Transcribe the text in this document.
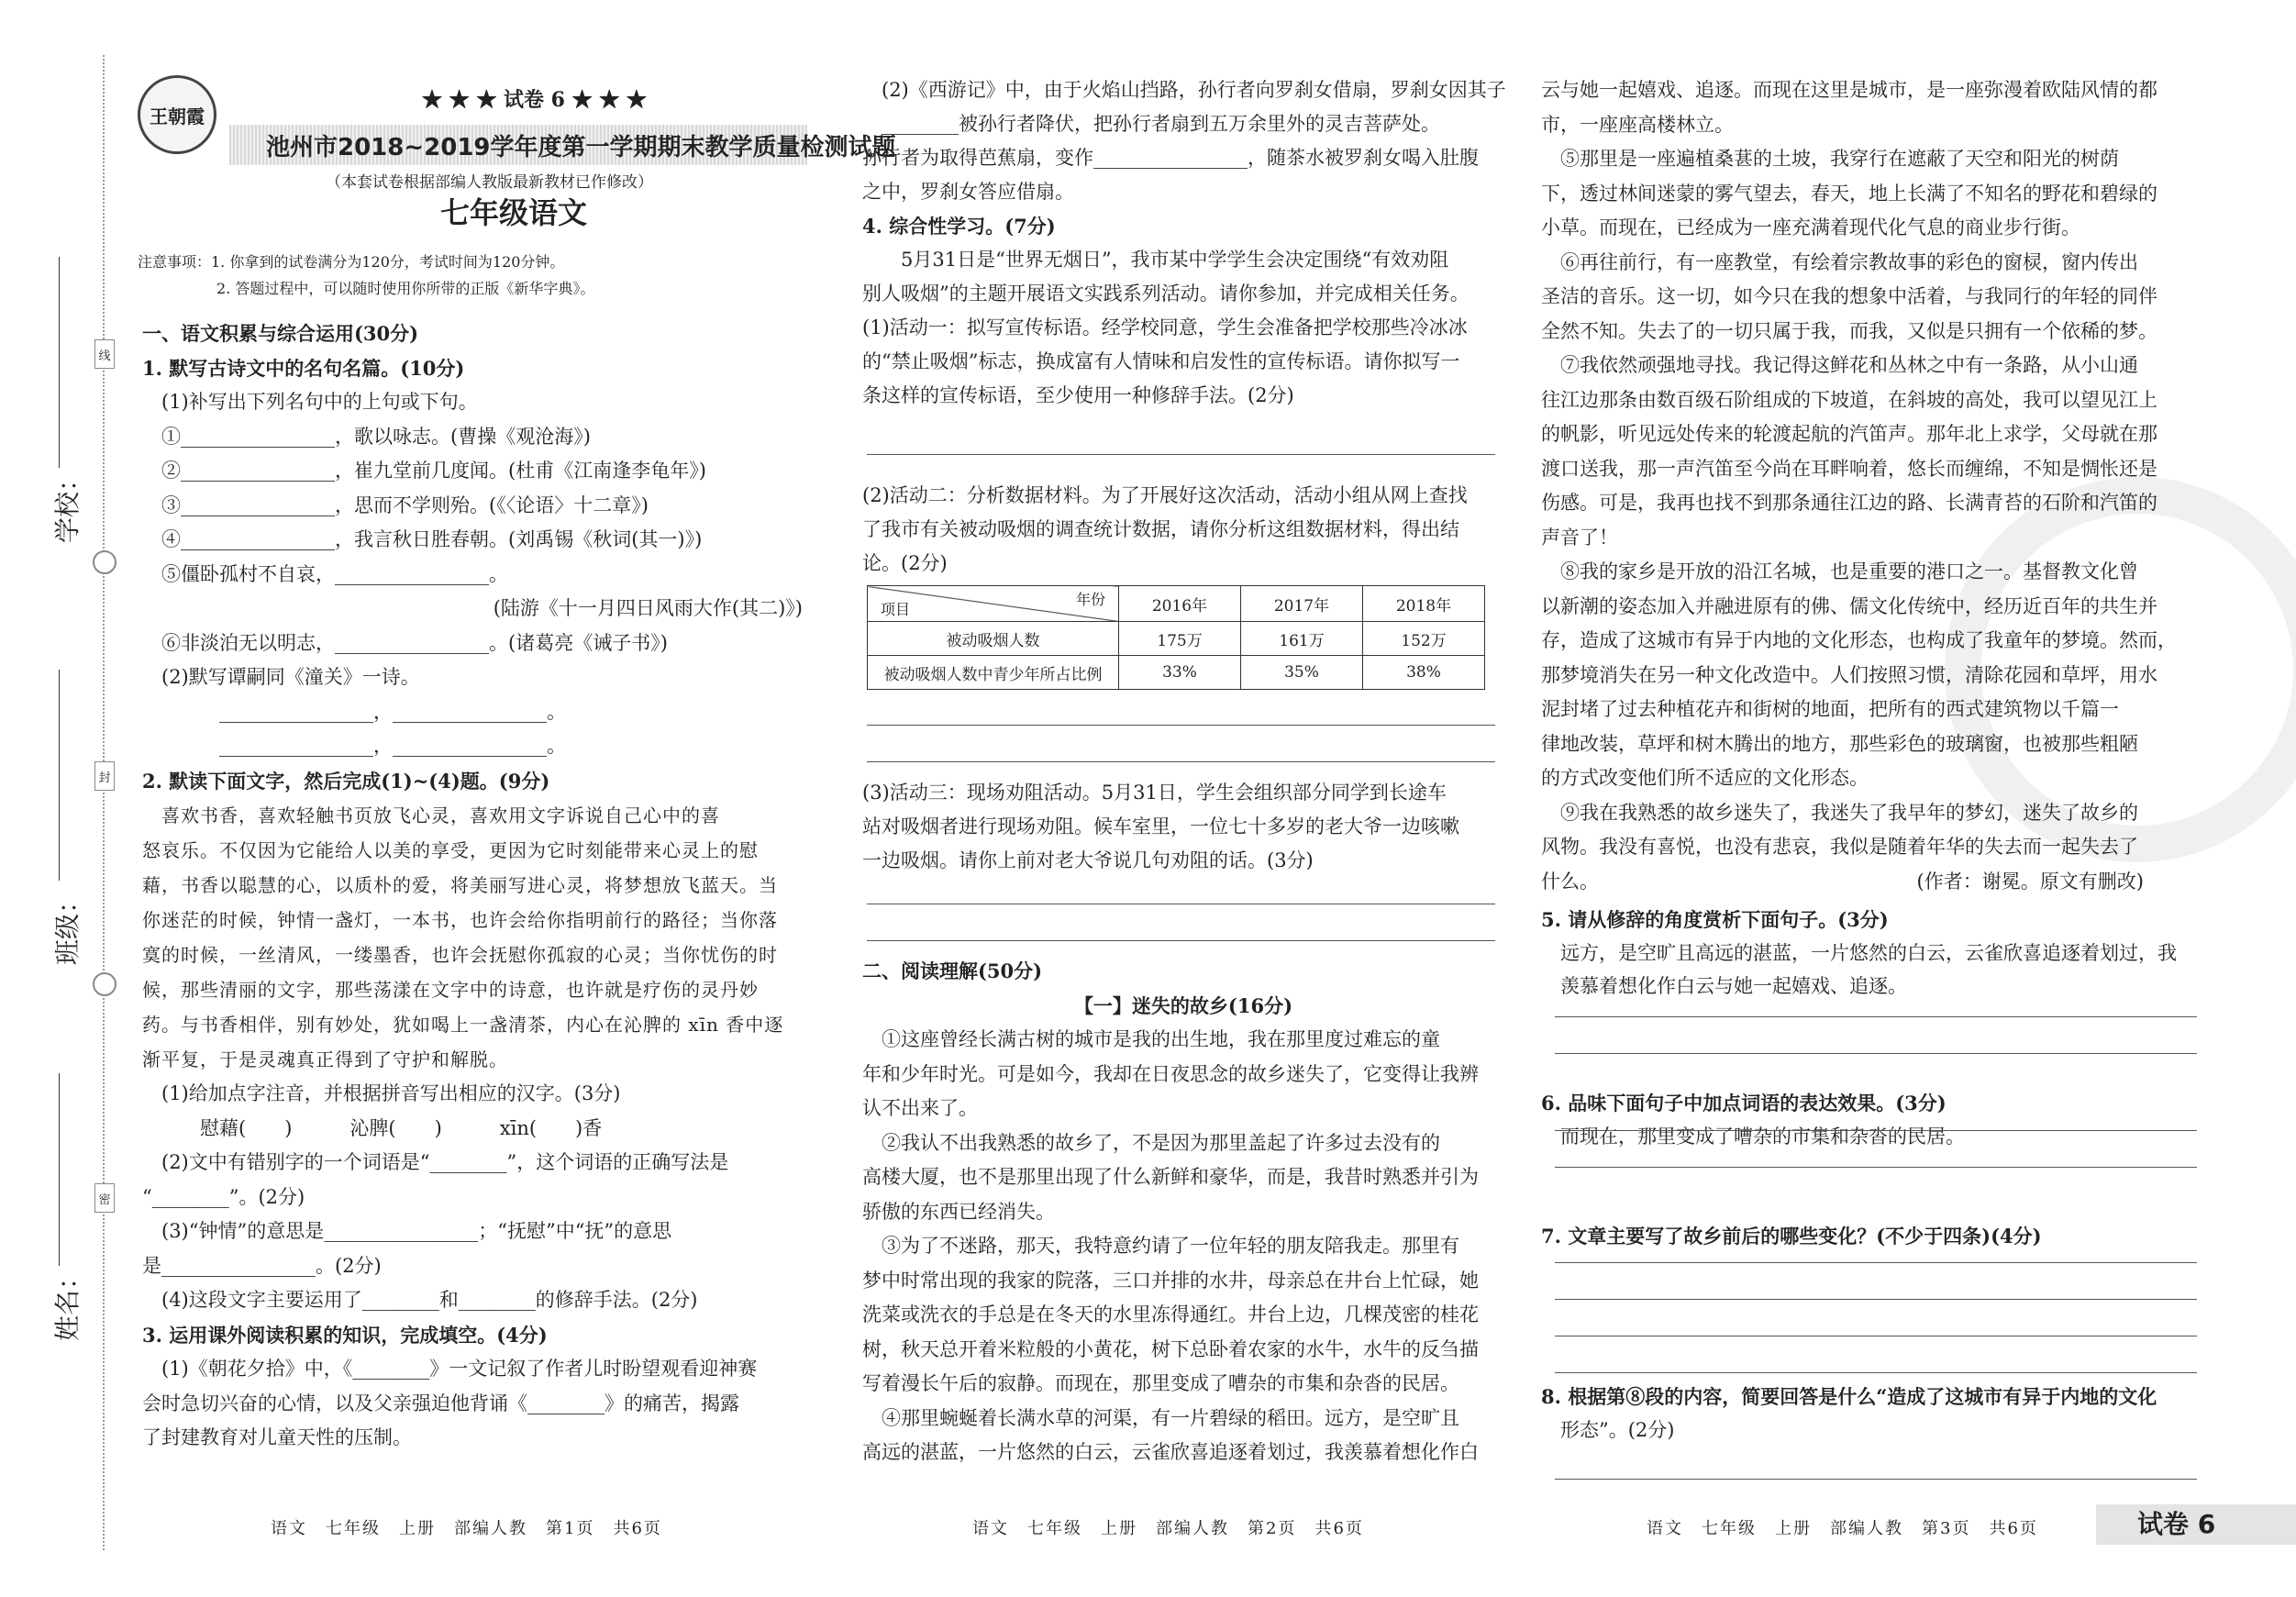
线
封
密
学校：
班级：
姓名：
王朝霞
★ ★ ★ 试卷 6 ★ ★ ★
池州市2018~2019学年度第一学期期末教学质量检测试题
（本套试卷根据部编人教版最新教材已作修改）
七年级语文
注意事项：1. 你拿到的试卷满分为120分，考试时间为120分钟。
2. 答题过程中，可以随时使用你所带的正版《新华字典》。
一、语文积累与综合运用(30分)
1. 默写古诗文中的名句名篇。(10分)
(1)补写出下列名句中的上句或下句。
①________________，歌以咏志。(曹操《观沧海》)
②________________，崔九堂前几度闻。(杜甫《江南逢李龟年》)
③________________，思而不学则殆。(《〈论语〉十二章》)
④________________，我言秋日胜春朝。(刘禹锡《秋词(其一)》)
⑤僵卧孤村不自哀，________________。
(陆游《十一月四日风雨大作(其二)》)
⑥非淡泊无以明志，________________。(诸葛亮《诫子书》)
(2)默写谭嗣同《潼关》一诗。
________________，________________。
________________，________________。
2. 默读下面文字，然后完成(1)~(4)题。(9分)
喜欢书香，喜欢轻触书页放飞心灵，喜欢用文字诉说自己心中的喜
怒哀乐。不仅因为它能给人以美的享受，更因为它时刻能带来心灵上的慰
藉，书香以聪慧的心，以质朴的爱，将美丽写进心灵，将梦想放飞蓝天。当
你迷茫的时候，钟情一盏灯，一本书，也许会给你指明前行的路径；当你落
寞的时候，一丝清风，一缕墨香，也许会抚慰你孤寂的心灵；当你忧伤的时
候，那些清丽的文字，那些荡漾在文字中的诗意，也许就是疗伤的灵丹妙
药。与书香相伴，别有妙处，犹如喝上一盏清茶，内心在沁脾的 xīn 香中逐
渐平复，于是灵魂真正得到了守护和解脱。
(1)给加点字注音，并根据拼音写出相应的汉字。(3分)
慰藉(　　)　　　沁脾(　　)　　　xīn(　　)香
(2)文中有错别字的一个词语是“________”，这个词语的正确写法是
“________”。(2分)
(3)“钟情”的意思是________________；“抚慰”中“抚”的意思
是________________。(2分)
(4)这段文字主要运用了________和________的修辞手法。(2分)
3. 运用课外阅读积累的知识，完成填空。(4分)
(1)《朝花夕拾》中，《________》一文记叙了作者儿时盼望观看迎神赛
会时急切兴奋的心情，以及父亲强迫他背诵《________》的痛苦，揭露
了封建教育对儿童天性的压制。
(2)《西游记》中，由于火焰山挡路，孙行者向罗刹女借扇，罗刹女因其子
________被孙行者降伏，把孙行者扇到五万余里外的灵吉菩萨处。
孙行者为取得芭蕉扇，变作________________，随茶水被罗刹女喝入肚腹
之中，罗刹女答应借扇。
4. 综合性学习。(7分)
5月31日是“世界无烟日”，我市某中学学生会决定围绕“有效劝阻
别人吸烟”的主题开展语文实践系列活动。请你参加，并完成相关任务。
(1)活动一：拟写宣传标语。经学校同意，学生会准备把学校那些冷冰冰
的“禁止吸烟”标志，换成富有人情味和启发性的宣传标语。请你拟写一
条这样的宣传标语，至少使用一种修辞手法。(2分)
(2)活动二：分析数据材料。为了开展好这次活动，活动小组从网上查找
了我市有关被动吸烟的调查统计数据，请你分析这组数据材料，得出结
论。(2分)
(3)活动三：现场劝阻活动。5月31日，学生会组织部分同学到长途车
站对吸烟者进行现场劝阻。候车室里，一位七十多岁的老大爷一边咳嗽
一边吸烟。请你上前对老大爷说几句劝阻的话。(3分)
二、阅读理解(50分)
【一】迷失的故乡(16分)
①这座曾经长满古树的城市是我的出生地，我在那里度过难忘的童
年和少年时光。可是如今，我却在日夜思念的故乡迷失了，它变得让我辨
认不出来了。
②我认不出我熟悉的故乡了，不是因为那里盖起了许多过去没有的
高楼大厦，也不是那里出现了什么新鲜和豪华，而是，我昔时熟悉并引为
骄傲的东西已经消失。
③为了不迷路，那天，我特意约请了一位年轻的朋友陪我走。那里有
梦中时常出现的我家的院落，三口并排的水井，母亲总在井台上忙碌，她
洗菜或洗衣的手总是在冬天的水里冻得通红。井台上边，几棵茂密的桂花
树，秋天总开着米粒般的小黄花，树下总卧着农家的水牛，水牛的反刍描
写着漫长午后的寂静。而现在，那里变成了嘈杂的市集和杂沓的民居。
④那里蜿蜒着长满水草的河渠，有一片碧绿的稻田。远方，是空旷且
高远的湛蓝，一片悠然的白云，云雀欣喜追逐着划过，我羡慕着想化作白
云与她一起嬉戏、追逐。而现在这里是城市，是一座弥漫着欧陆风情的都
市，一座座高楼林立。
⑤那里是一座遍植桑葚的土坡，我穿行在遮蔽了天空和阳光的树荫
下，透过林间迷蒙的雾气望去，春天，地上长满了不知名的野花和碧绿的
小草。而现在，已经成为一座充满着现代化气息的商业步行街。
⑥再往前行，有一座教堂，有绘着宗教故事的彩色的窗棂，窗内传出
圣洁的音乐。这一切，如今只在我的想象中活着，与我同行的年轻的同伴
全然不知。失去了的一切只属于我，而我，又似是只拥有一个依稀的梦。
⑦我依然顽强地寻找。我记得这鲜花和丛林之中有一条路，从小山通
往江边那条由数百级石阶组成的下坡道，在斜坡的高处，我可以望见江上
的帆影，听见远处传来的轮渡起航的汽笛声。那年北上求学，父母就在那
渡口送我，那一声汽笛至今尚在耳畔响着，悠长而缠绵，不知是惆怅还是
伤感。可是，我再也找不到那条通往江边的路、长满青苔的石阶和汽笛的
声音了！
⑧我的家乡是开放的沿江名城，也是重要的港口之一。基督教文化曾
以新潮的姿态加入并融进原有的佛、儒文化传统中，经历近百年的共生并
存，造成了这城市有异于内地的文化形态，也构成了我童年的梦境。然而，
那梦境消失在另一种文化改造中。人们按照习惯，清除花园和草坪，用水
泥封堵了过去种植花卉和街树的地面，把所有的西式建筑物以千篇一
律地改装，草坪和树木腾出的地方，那些彩色的玻璃窗，也被那些粗陋
的方式改变他们所不适应的文化形态。
⑨我在我熟悉的故乡迷失了，我迷失了我早年的梦幻，迷失了故乡的
风物。我没有喜悦，也没有悲哀，我似是随着年华的失去而一起失去了
什么。　　　　　　　　　　　　　　　　　(作者：谢冕。原文有删改)
5. 请从修辞的角度赏析下面句子。(3分)
远方，是空旷且高远的湛蓝，一片悠然的白云，云雀欣喜追逐着划过，我
羡慕着想化作白云与她一起嬉戏、追逐。
6. 品味下面句子中加点词语的表达效果。(3分)
而现在，那里变成了嘈杂的市集和杂沓的民居。
7. 文章主要写了故乡前后的哪些变化？(不少于四条)(4分)
8. 根据第⑧段的内容，简要回答是什么“造成了这城市有异于内地的文化
形态”。(2分)
年份
项目	2016年	2017年	2018年
被动吸烟人数	175万	161万	152万
被动吸烟人数中青少年所占比例	33%	35%	38%
语文　七年级　上册　部编人教　第1页　共6页	语文　七年级　上册　部编人教　第2页　共6页	语文　七年级　上册　部编人教　第3页　共6页	试卷 6
